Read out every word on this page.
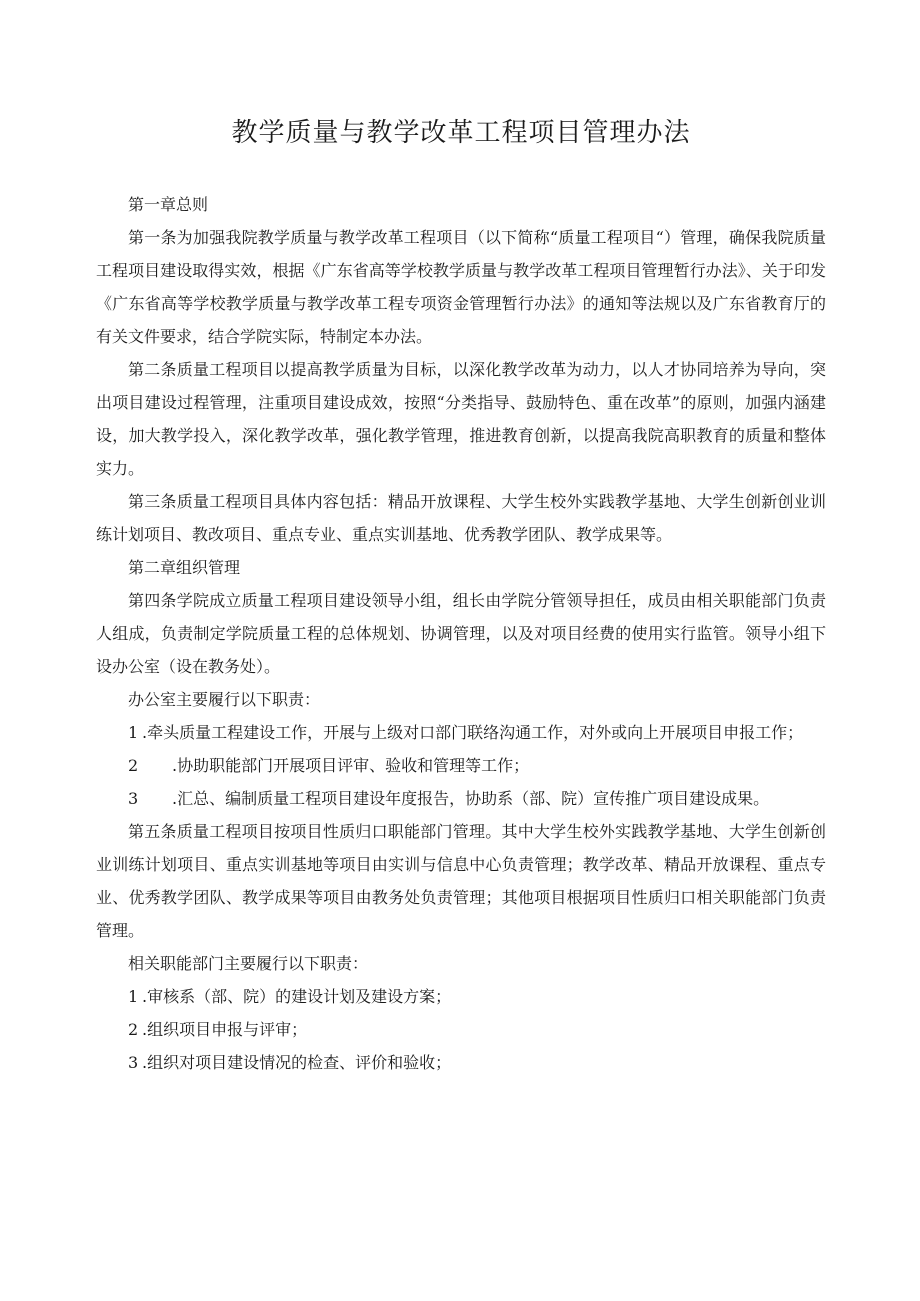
教学质量与教学改革工程项目管理办法

第一章总则

第一条为加强我院教学质量与教学改革工程项目（以下简称“质量工程项目“）管理，确保我院质量工程项目建设取得实效，根据《广东省高等学校教学质量与教学改革工程项目管理暂行办法》、关于印发《广东省高等学校教学质量与教学改革工程专项资金管理暂行办法》的通知等法规以及广东省教育厅的有关文件要求，结合学院实际，特制定本办法。

第二条质量工程项目以提高教学质量为目标，以深化教学改革为动力，以人才协同培养为导向，突出项目建设过程管理，注重项目建设成效，按照“分类指导、鼓励特色、重在改革”的原则，加强内涵建设，加大教学投入，深化教学改革，强化教学管理，推进教育创新，以提高我院高职教育的质量和整体实力。

第三条质量工程项目具体内容包括：精品开放课程、大学生校外实践教学基地、大学生创新创业训练计划项目、教改项目、重点专业、重点实训基地、优秀教学团队、教学成果等。

第二章组织管理

第四条学院成立质量工程项目建设领导小组，组长由学院分管领导担任，成员由相关职能部门负责人组成，负责制定学院质量工程的总体规划、协调管理，以及对项目经费的使用实行监管。领导小组下设办公室（设在教务处）。

办公室主要履行以下职责：

1 .牵头质量工程建设工作，开展与上级对口部门联络沟通工作，对外或向上开展项目申报工作；

2 .协助职能部门开展项目评审、验收和管理等工作；

3 .汇总、编制质量工程项目建设年度报告，协助系（部、院）宣传推广项目建设成果。

第五条质量工程项目按项目性质归口职能部门管理。其中大学生校外实践教学基地、大学生创新创业训练计划项目、重点实训基地等项目由实训与信息中心负责管理；教学改革、精品开放课程、重点专业、优秀教学团队、教学成果等项目由教务处负责管理；其他项目根据项目性质归口相关职能部门负责管理。

相关职能部门主要履行以下职责：

1 .审核系（部、院）的建设计划及建设方案；

2 .组织项目申报与评审；

3 .组织对项目建设情况的检查、评价和验收；
